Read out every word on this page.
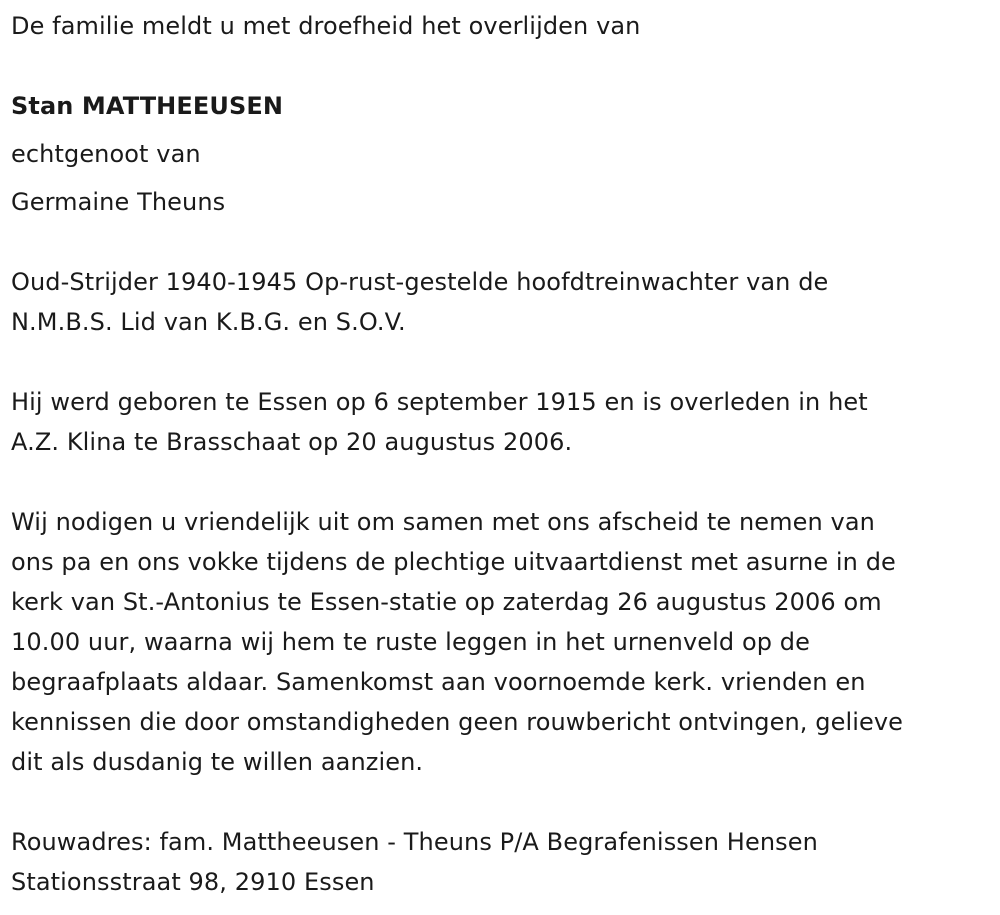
De familie meldt u met droefheid het overlijden van
Stan MATTHEEUSEN
echtgenoot van
Germaine Theuns
Oud-Strijder 1940-1945 Op-rust-gestelde hoofdtreinwachter van de
N.M.B.S. Lid van K.B.G. en S.O.V.
Hij werd geboren te Essen op 6 september 1915 en is overleden in het
A.Z. Klina te Brasschaat op 20 augustus 2006.
Wij nodigen u vriendelijk uit om samen met ons afscheid te nemen van
ons pa en ons vokke tijdens de plechtige uitvaartdienst met asurne in de
kerk van St.-Antonius te Essen-statie op zaterdag 26 augustus 2006 om
10.00 uur, waarna wij hem te ruste leggen in het urnenveld op de
begraafplaats aldaar. Samenkomst aan voornoemde kerk. vrienden en
kennissen die door omstandigheden geen rouwbericht ontvingen, gelieve
dit als dusdanig te willen aanzien.
Rouwadres: fam. Mattheeusen - Theuns P/A Begrafenissen Hensen
Stationsstraat 98, 2910 Essen
